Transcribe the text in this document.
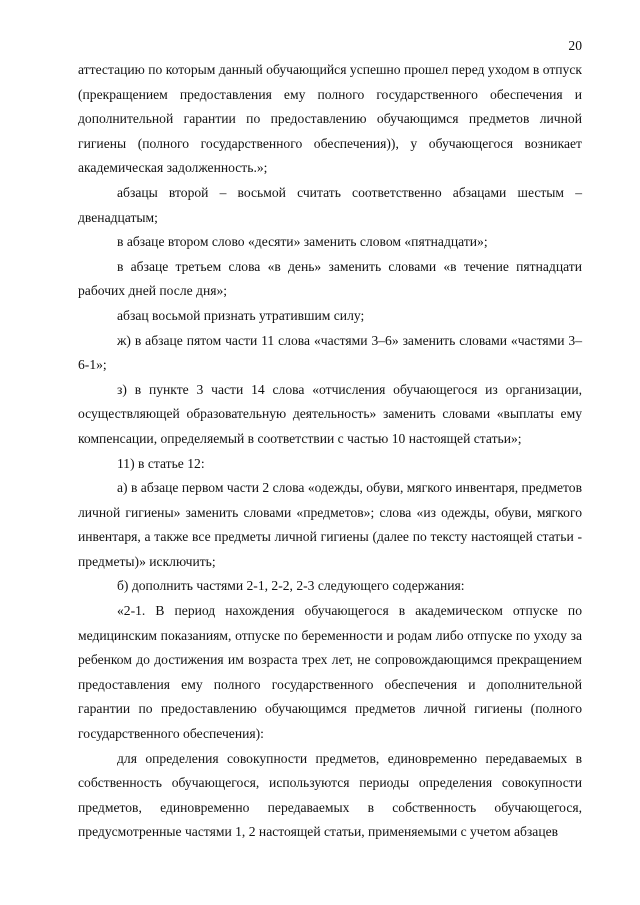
20

аттестацию по которым данный обучающийся успешно прошел перед уходом в отпуск (прекращением предоставления ему полного государственного обеспечения и дополнительной гарантии по предоставлению обучающимся предметов личной гигиены (полного государственного обеспечения)), у обучающегося возникает академическая задолженность.»;

абзацы второй – восьмой считать соответственно абзацами шестым – двенадцатым;

в абзаце втором слово «десяти» заменить словом «пятнадцати»;

в абзаце третьем слова «в день» заменить словами «в течение пятнадцати рабочих дней после дня»;

абзац восьмой признать утратившим силу;

ж) в абзаце пятом части 11 слова «частями 3–6» заменить словами «частями 3–6-1»;

з) в пункте 3 части 14 слова «отчисления обучающегося из организации, осуществляющей образовательную деятельность» заменить словами «выплаты ему компенсации, определяемый в соответствии с частью 10 настоящей статьи»;

11) в статье 12:

а) в абзаце первом части 2 слова «одежды, обуви, мягкого инвентаря, предметов личной гигиены» заменить словами «предметов»; слова «из одежды, обуви, мягкого инвентаря, а также все предметы личной гигиены (далее по тексту настоящей статьи - предметы)» исключить;

б) дополнить частями 2-1, 2-2, 2-3 следующего содержания:

«2-1. В период нахождения обучающегося в академическом отпуске по медицинским показаниям, отпуске по беременности и родам либо отпуске по уходу за ребенком до достижения им возраста трех лет, не сопровождающимся прекращением предоставления ему полного государственного обеспечения и дополнительной гарантии по предоставлению обучающимся предметов личной гигиены (полного государственного обеспечения):

для определения совокупности предметов, единовременно передаваемых в собственность обучающегося, используются периоды определения совокупности предметов, единовременно передаваемых в собственность обучающегося, предусмотренные частями 1, 2 настоящей статьи, применяемыми с учетом абзацев
